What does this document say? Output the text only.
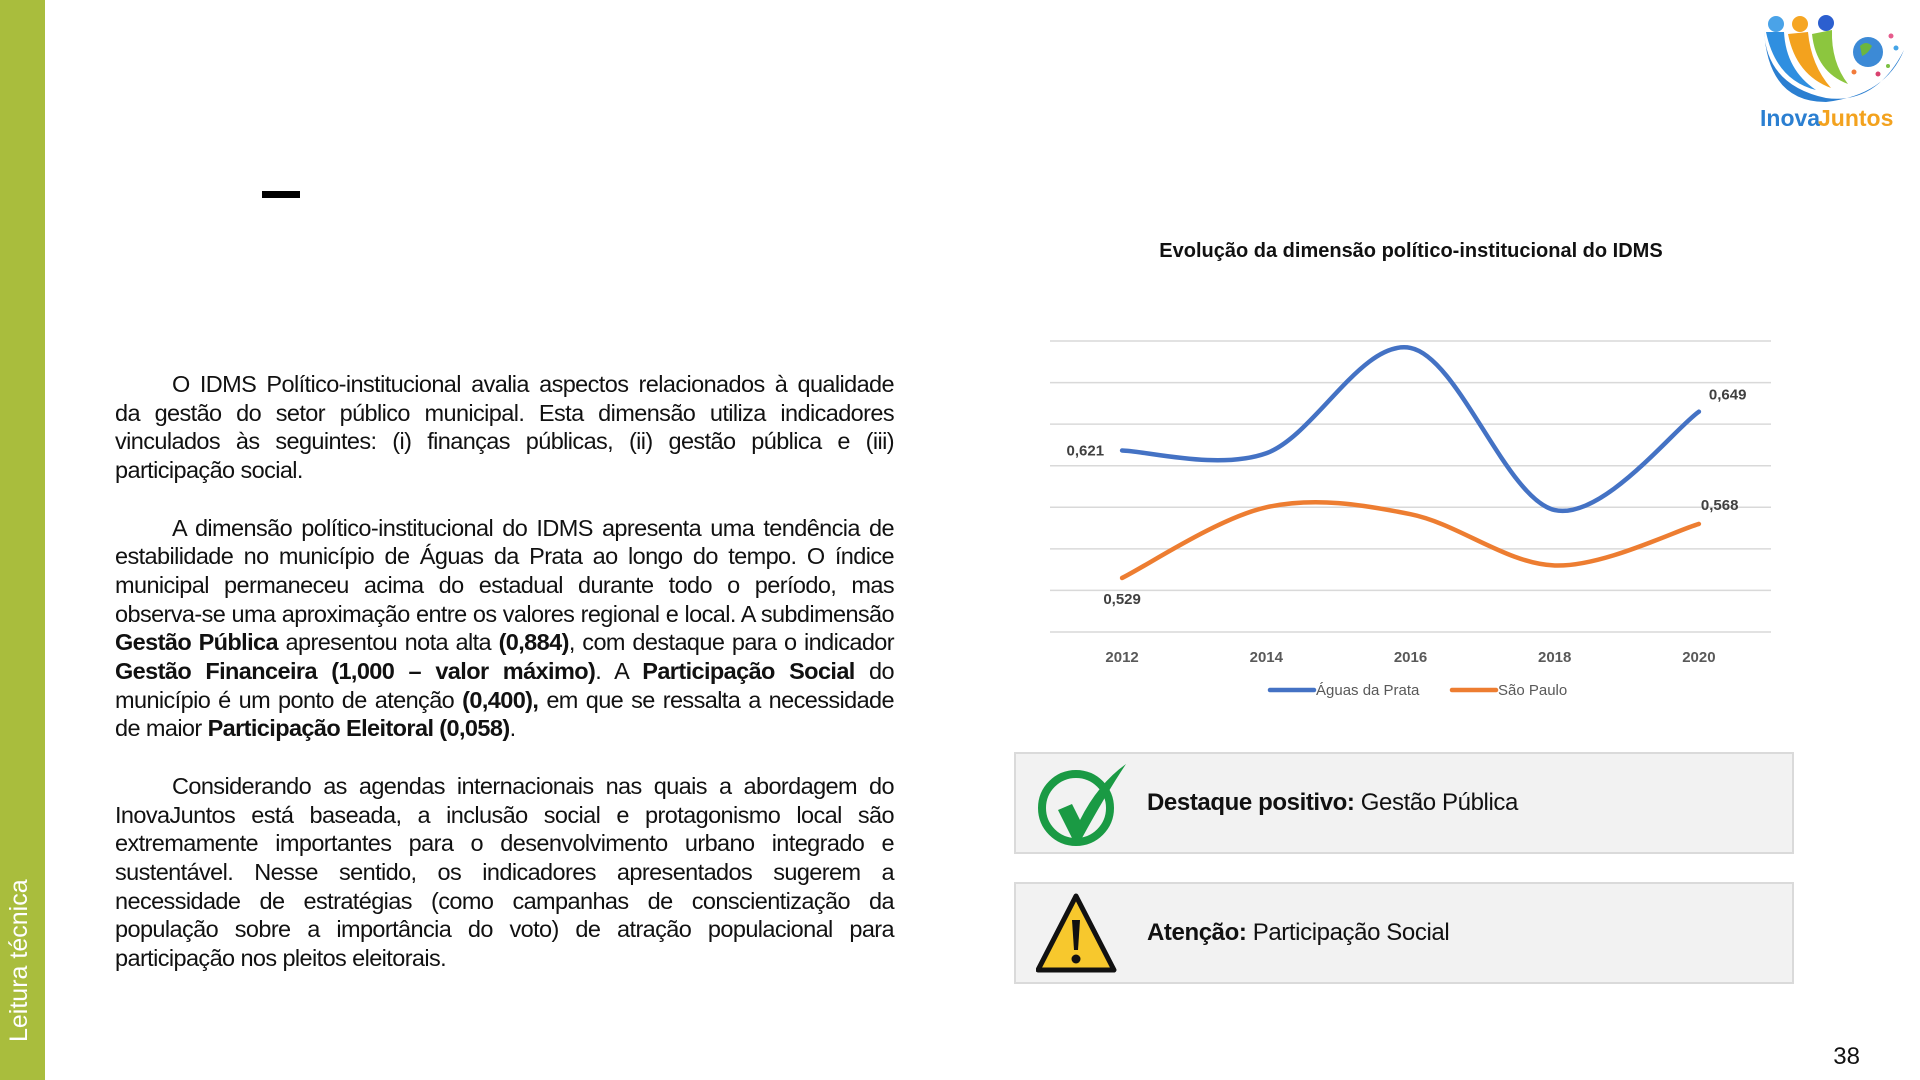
Leitura técnica
Inova
Juntos

O IDMS Político-institucional avalia aspectos relacionados à qualidade da gestão do setor público municipal. Esta dimensão utiliza indicadores vinculados às seguintes: (i) finanças públicas, (ii) gestão pública e (iii) participação social.

A dimensão político-institucional do IDMS apresenta uma tendência de estabilidade no município de Águas da Prata ao longo do tempo. O índice municipal permaneceu acima do estadual durante todo o período, mas observa-se uma aproximação entre os valores regional e local. A subdimensão Gestão Pública apresentou nota alta (0,884), com destaque para o indicador Gestão Financeira (1,000 – valor máximo). A Participação Social do município é um ponto de atenção (0,400), em que se ressalta a necessidade de maior Participação Eleitoral (0,058).

Considerando as agendas internacionais nas quais a abordagem do InovaJuntos está baseada, a inclusão social e protagonismo local são extremamente importantes para o desenvolvimento urbano integrado e sustentável. Nesse sentido, os indicadores apresentados sugerem a necessidade de estratégias (como campanhas de conscientização da população sobre a importância do voto) de atração populacional para participação nos pleitos eleitorais.

Evolução da dimensão político-institucional do IDMS
2012	2014	2016	2018	2020
0,621
0,649
0,529
0,568
Águas da Prata	São Paulo
Destaque positivo: Gestão Pública
Atenção: Participação Social
38
